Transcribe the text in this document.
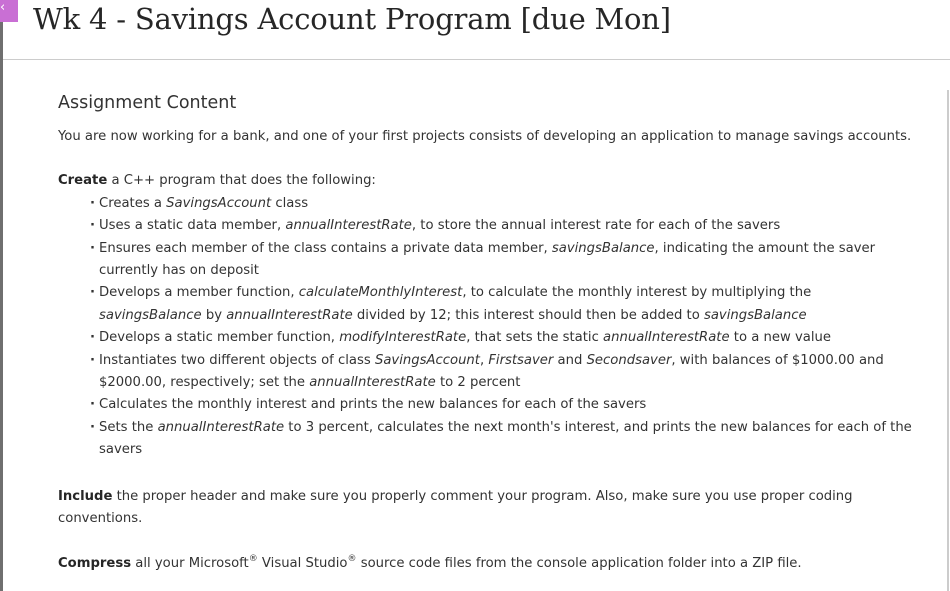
‹ Wk 4 - Savings Account Program [due Mon]
Assignment Content

You are now working for a bank, and one of your first projects consists of developing an application to manage savings accounts.

Create a C++ program that does the following:

· Creates a SavingsAccount class
· Uses a static data member, annualInterestRate, to store the annual interest rate for each of the savers
· Ensures each member of the class contains a private data member, savingsBalance, indicating the amount the saver currently has on deposit
· Develops a member function, calculateMonthlyInterest, to calculate the monthly interest by multiplying the
savingsBalance by annualInterestRate divided by 12; this interest should then be added to savingsBalance
· Develops a static member function, modifyInterestRate, that sets the static annualInterestRate to a new value
· Instantiates two different objects of class SavingsAccount, Firstsaver and Secondsaver, with balances of $1000.00 and $2000.00, respectively; set the annualInterestRate to 2 percent
· Calculates the monthly interest and prints the new balances for each of the savers
· Sets the annualInterestRate to 3 percent, calculates the next month's interest, and prints the new balances for each of the savers

Include the proper header and make sure you properly comment your program. Also, make sure you use proper coding conventions.

Compress all your Microsoft® Visual Studio® source code files from the console application folder into a ZIP file.
